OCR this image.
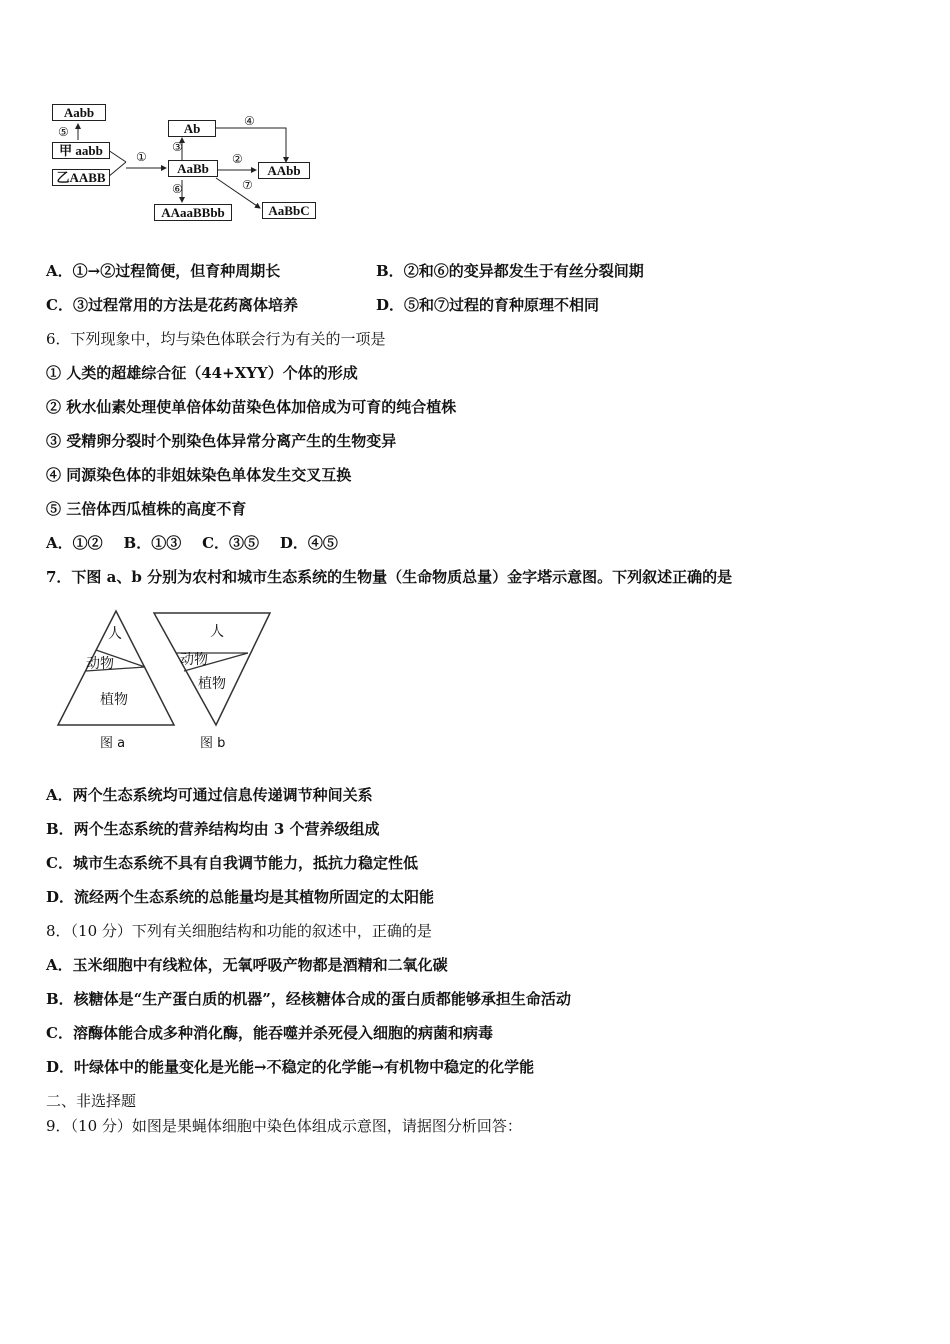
Aabb
甲 aabb
乙AABB
Ab
AaBb	AAbb
AAaaBBbb	AaBbC
⑤
①
③
④
②
⑥	⑦
A．①→②过程简便，但育种周期长	B．②和⑥的变异都发生于有丝分裂间期
C．③过程常用的方法是花药离体培养	D．⑤和⑦过程的育种原理不相同
6．下列现象中，均与染色体联会行为有关的一项是
① 人类的超雄综合征（44+XYY）个体的形成
② 秋水仙素处理使单倍体幼苗染色体加倍成为可育的纯合植株
③ 受精卵分裂时个别染色体异常分离产生的生物变异
④ 同源染色体的非姐妹染色单体发生交叉互换
⑤ 三倍体西瓜植株的高度不育
A．①②    B．①③    C．③⑤    D．④⑤
7．下图 a、b 分别为农村和城市生态系统的生物量（生命物质总量）金字塔示意图。下列叙述正确的是
人
动物
植物
图 a
人
动物
植物
图 b
A．两个生态系统均可通过信息传递调节种间关系
B．两个生态系统的营养结构均由 3 个营养级组成
C．城市生态系统不具有自我调节能力，抵抗力稳定性低
D．流经两个生态系统的总能量均是其植物所固定的太阳能
8．（10 分）下列有关细胞结构和功能的叙述中，正确的是
A．玉米细胞中有线粒体，无氧呼吸产物都是酒精和二氧化碳
B．核糖体是“生产蛋白质的机器”，经核糖体合成的蛋白质都能够承担生命活动
C．溶酶体能合成多种消化酶，能吞噬并杀死侵入细胞的病菌和病毒
D．叶绿体中的能量变化是光能→不稳定的化学能→有机物中稳定的化学能
二、非选择题
9．（10 分）如图是果蝇体细胞中染色体组成示意图，请据图分析回答：
